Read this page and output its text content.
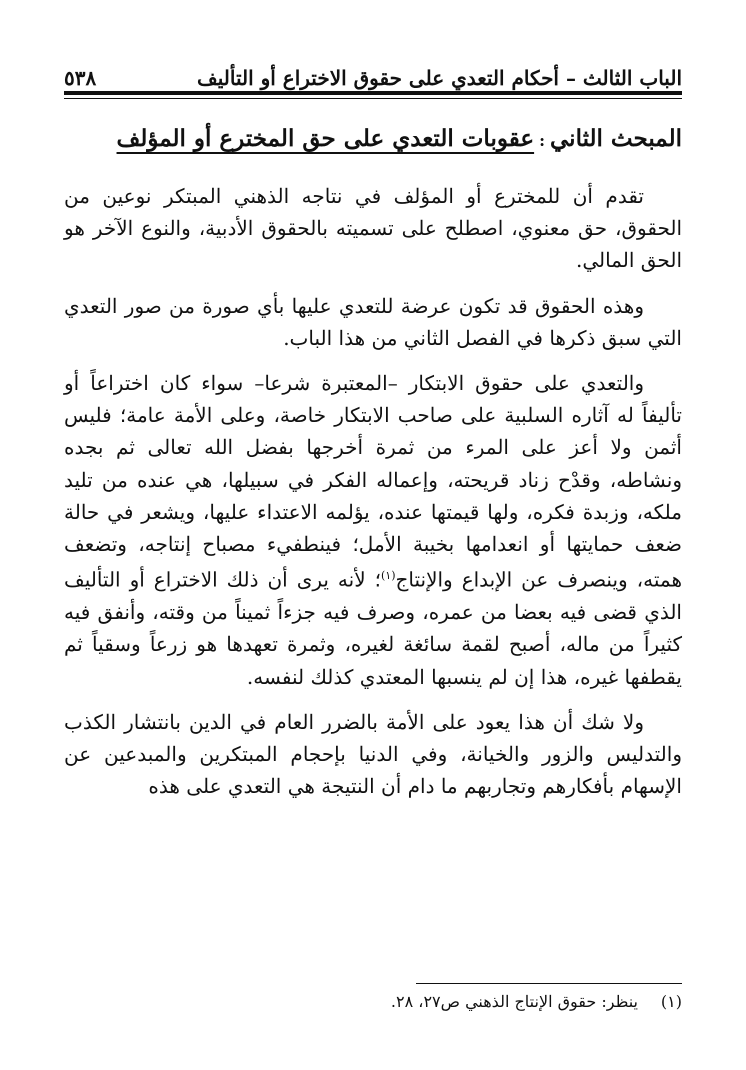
الباب الثالث – أحكام التعدي على حقوق الاختراع أو التأليف
٥٣٨
المبحث الثاني:عقوبات التعدي على حق المخترع أو المؤلف

تقدم أن للمخترع أو المؤلف في نتاجه الذهني المبتكر نوعين من الحقوق، حق معنوي، اصطلح على تسميته بالحقوق الأدبية، والنوع الآخر هو الحق المالي.

وهذه الحقوق قد تكون عرضة للتعدي عليها بأي صورة من صور التعدي التي سبق ذكرها في الفصل الثاني من هذا الباب.

والتعدي على حقوق الابتكار –المعتبرة شرعا– سواء كان اختراعاً أو تأليفاً له آثاره السلبية على صاحب الابتكار خاصة، وعلى الأمة عامة؛ فليس أثمن ولا أعز على المرء من ثمرة أخرجها بفضل الله تعالى ثم بجده ونشاطه، وقدْح زناد قريحته، وإعماله الفكر في سبيلها، هي عنده من تليد ملكه، وزبدة فكره، ولها قيمتها عنده، يؤلمه الاعتداء عليها، ويشعر في حالة ضعف حمايتها أو انعدامها بخيبة الأمل؛ فينطفيء مصباح إنتاجه، وتضعف همته، وينصرف عن الإبداع والإنتاج$^{(١)}$؛ لأنه يرى أن ذلك الاختراع أو التأليف الذي قضى فيه بعضا من عمره، وصرف فيه جزءاً ثميناً من وقته، وأنفق فيه كثيراً من ماله، أصبح لقمة سائغة لغيره، وثمرة تعهدها هو زرعاً وسقياً ثم يقطفها غيره، هذا إن لم ينسبها المعتدي كذلك لنفسه.

ولا شك أن هذا يعود على الأمة بالضرر العام في الدين بانتشار الكذب والتدليس والزور والخيانة، وفي الدنيا بإحجام المبتكرين والمبدعين عن الإسهام بأفكارهم وتجاربهم ما دام أن النتيجة هي التعدي على هذه

(١)ينظر: حقوق الإنتاج الذهني ص٢٧، ٢٨.
